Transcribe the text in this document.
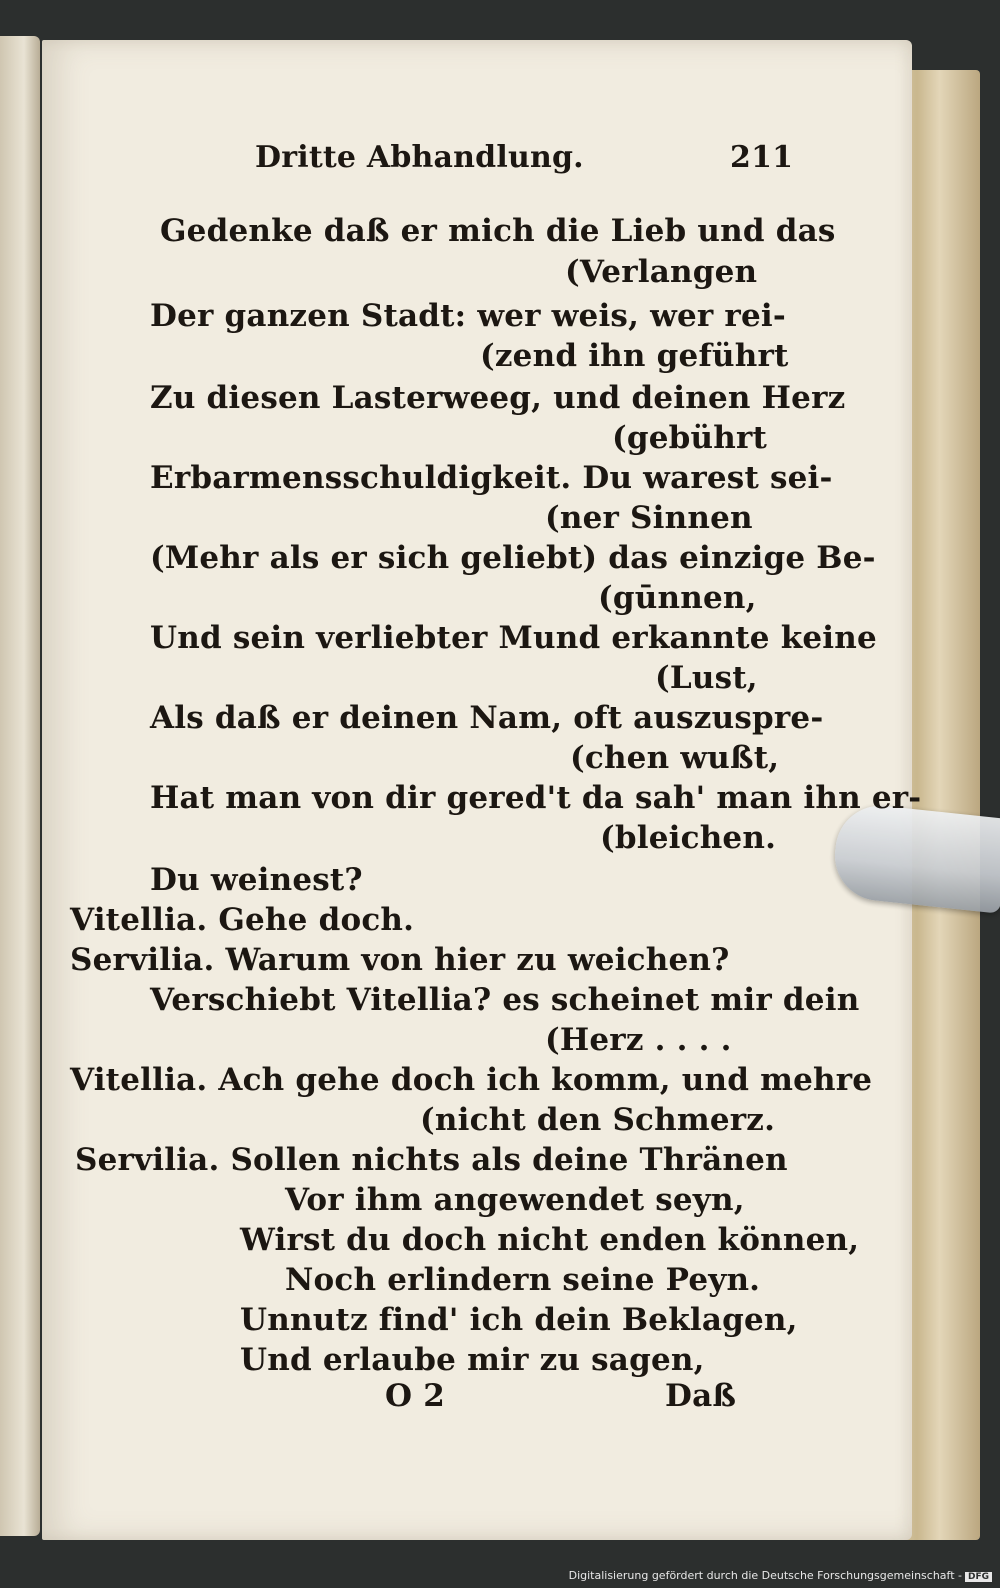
Dritte Abhandlung.	211
Gedenke daß er mich die Lieb und das
(Verlangen
Der ganzen Stadt: wer weis, wer rei-
(zend ihn geführt
Zu diesen Lasterweeg, und deinen Herz
(gebührt
Erbarmensschuldigkeit. Du warest sei-
(ner Sinnen
(Mehr als er sich geliebt) das einzige Be-
(gūnnen,
Und sein verliebter Mund erkannte keine
(Lust,
Als daß er deinen Nam, oft auszuspre-
(chen wußt,
Hat man von dir gered't da sah' man ihn er-
(bleichen.
Du weinest?
Vitellia. Gehe doch.
Servilia. Warum von hier zu weichen?
Verschiebt Vitellia? es scheinet mir dein
(Herz . . . .
Vitellia. Ach gehe doch ich komm, und mehre
(nicht den Schmerz.
Servilia. Sollen nichts als deine Thränen
Vor ihm angewendet seyn,
Wirst du doch nicht enden können,
Noch erlindern seine Peyn.
Unnutz find' ich dein Beklagen,
Und erlaube mir zu sagen,
O 2	Daß
Digitalisierung gefördert durch die Deutsche Forschungsgemeinschaft - DFG
